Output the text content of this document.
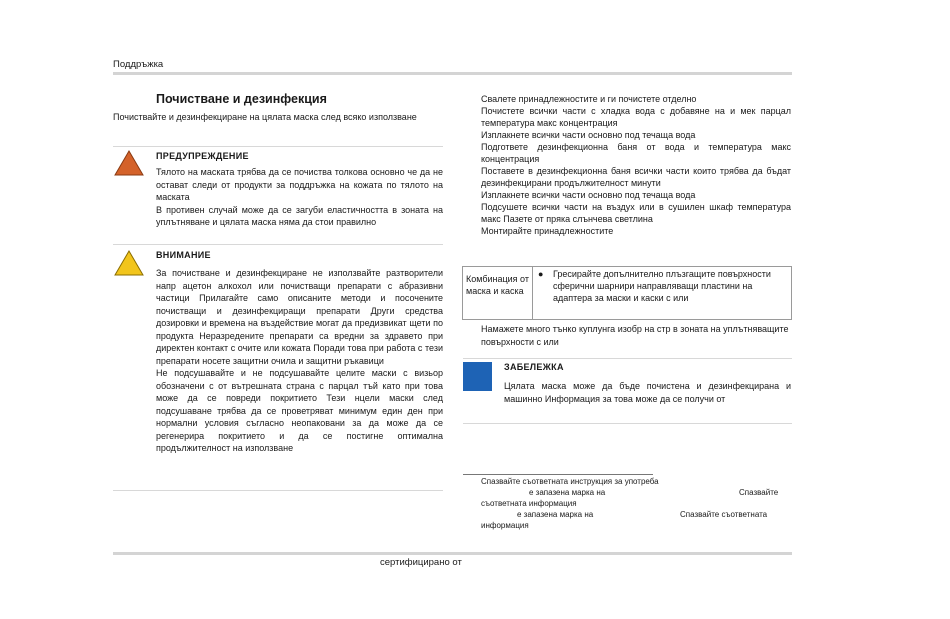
Поддръжка
Почистване и дезинфекция
Почиствайте и дезинфекциране на цялата маска след всяко използване
ПРЕДУПРЕЖДЕНИЕ

Тялото на маската трябва да се почиства толкова основно че да не остават следи от продукти за поддръжка на кожата по тялото на маската

В противен случай може да се загуби еластичността в зоната на уплътняване и цялата маска няма да стои правилно

ВНИМАНИЕ

За почистване и дезинфекциране не използвайте разтворители напр ацетон алкохол или почистващи препарати с абразивни частици Прилагайте само описаните методи и посочените почистващи и дезинфекциращи препарати Други средства дозировки и времена на въздействие могат да предизвикат щети по продукта Неразредените препарати са вредни за здравето при директен контакт с очите или кожата Поради това при работа с тези препарати носете защитни очила и защитни ръкавици

Не подсушавайте и не подсушавайте целите маски с визьор обозначени с от вътрешната страна с парцал тъй като при това може да се повреди покритието Тези нцели маски след подсушаване трябва да се проветряват минимум един ден при нормални условия съгласно неопаковани за да може да се регенерира покритието и да се постигне оптимална продължителност на използване

Свалете принадлежностите и ги почистете отделно

Почистете всички части с хладка вода с добавяне на и мек парцал температура макс концентрация

Изплакнете всички части основно под течаща вода

Подгответе дезинфекционна баня от вода и температура макс концентрация

Поставете в дезинфекционна баня всички части които трябва да бъдат дезинфекцирани продължителност минути

Изплакнете всички части основно под течаща вода

Подсушете всички части на въздух или в сушилен шкаф температура макс Пазете от пряка слънчева светлина

Монтирайте принадлежностите

Комбинация от маска и каска
● Гресирайте допълнително плъзгащите повърхности сферични шарнири направляващи пластини на адаптера за маски и каски с или

Намажете много тънко куплунга изобр на стр в зоната на уплътняващите повърхности с или

ЗАБЕЛЕЖКА
Цялата маска може да бъде почистена и дезинфекцирана и машинно Информация за това може да се получи от

Спазвайте съответната инструкция за употреба

е запазена марка на	Спазвайте

съответната информация

е запазена марка на	Спазвайте съответната

информация

сертифицирано от
